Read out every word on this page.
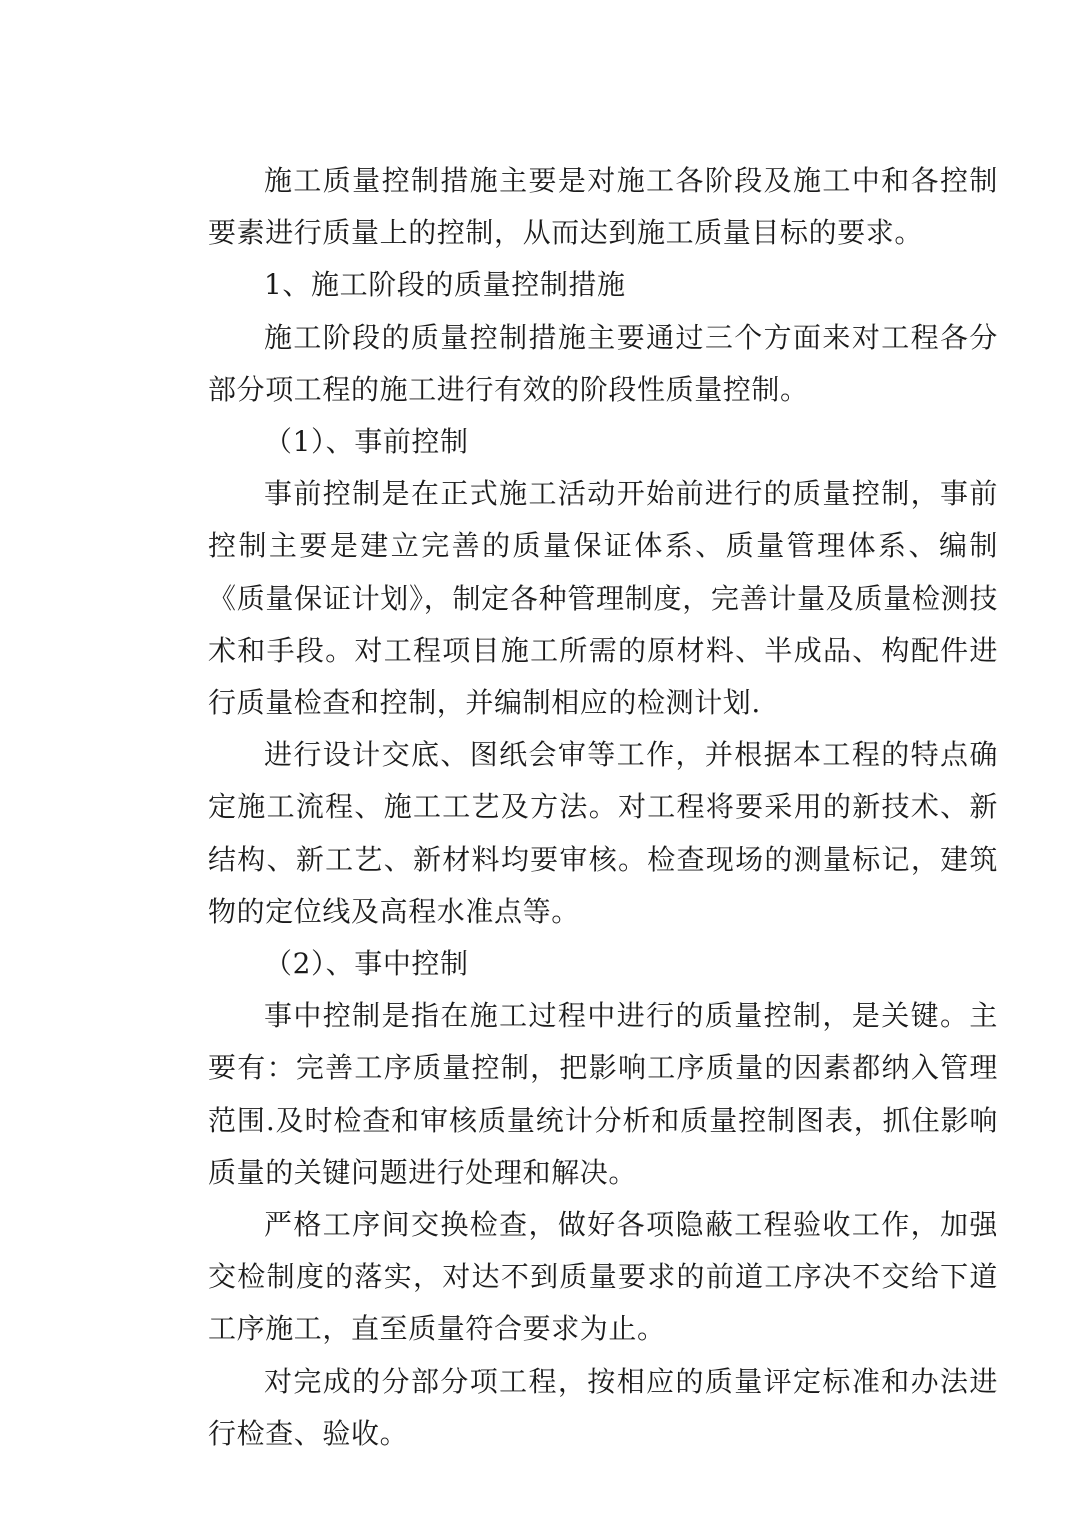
施工质量控制措施主要是对施工各阶段及施工中和各控制要素进行质量上的控制，从而达到施工质量目标的要求。

1、施工阶段的质量控制措施

施工阶段的质量控制措施主要通过三个方面来对工程各分部分项工程的施工进行有效的阶段性质量控制。

（1）、事前控制

事前控制是在正式施工活动开始前进行的质量控制，事前控制主要是建立完善的质量保证体系、质量管理体系、编制《质量保证计划》，制定各种管理制度，完善计量及质量检测技术和手段。对工程项目施工所需的原材料、半成品、构配件进行质量检查和控制，并编制相应的检测计划.

进行设计交底、图纸会审等工作，并根据本工程的特点确定施工流程、施工工艺及方法。对工程将要采用的新技术、新结构、新工艺、新材料均要审核。检查现场的测量标记，建筑物的定位线及高程水准点等。

（2）、事中控制

事中控制是指在施工过程中进行的质量控制，是关键。主要有：完善工序质量控制，把影响工序质量的因素都纳入管理范围.及时检查和审核质量统计分析和质量控制图表，抓住影响质量的关键问题进行处理和解决。

严格工序间交换检查，做好各项隐蔽工程验收工作，加强交检制度的落实，对达不到质量要求的前道工序决不交给下道工序施工，直至质量符合要求为止。

对完成的分部分项工程，按相应的质量评定标准和办法进行检查、验收。
